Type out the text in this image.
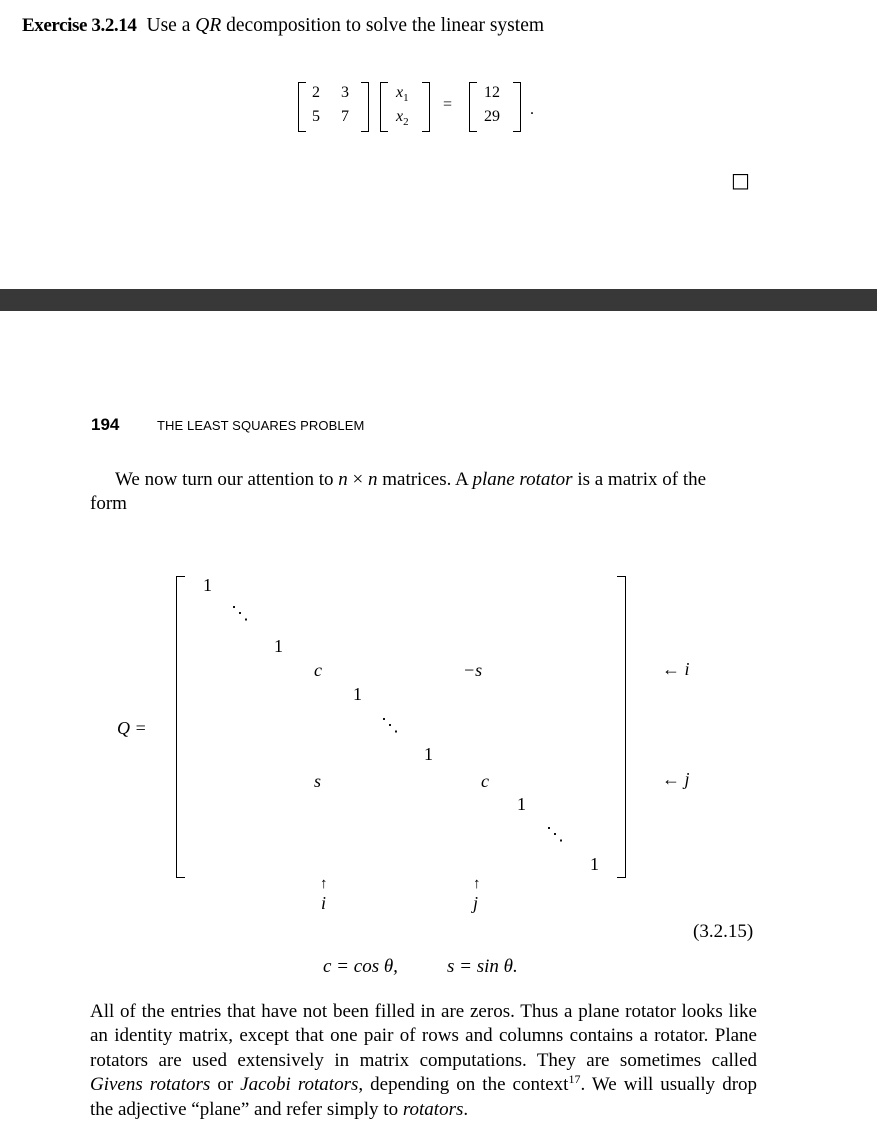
Exercise 3.2.14 Use a QR decomposition to solve the linear system
2 3
5 7
$x_1$
$x_2$
=
12
29 .
□
194	THE LEAST SQUARES PROBLEM
We now turn our attention to n × n matrices. A plane rotator is a matrix of the
form
Q =
1
⋱
1
c	−s
1
⋱
1
s	c
1
⋱
1
← i
← j
↑
i
↑
j
(3.2.15)
c = cos θ,	s = sin θ.

All of the entries that have not been filled in are zeros. Thus a plane rotator looks like an identity matrix, except that one pair of rows and columns contains a rotator. Plane rotators are used extensively in matrix computations. They are sometimes called Givens rotators or Jacobi rotators, depending on the context$^{17}$. We will usually drop the adjective “plane” and refer simply to rotators.
